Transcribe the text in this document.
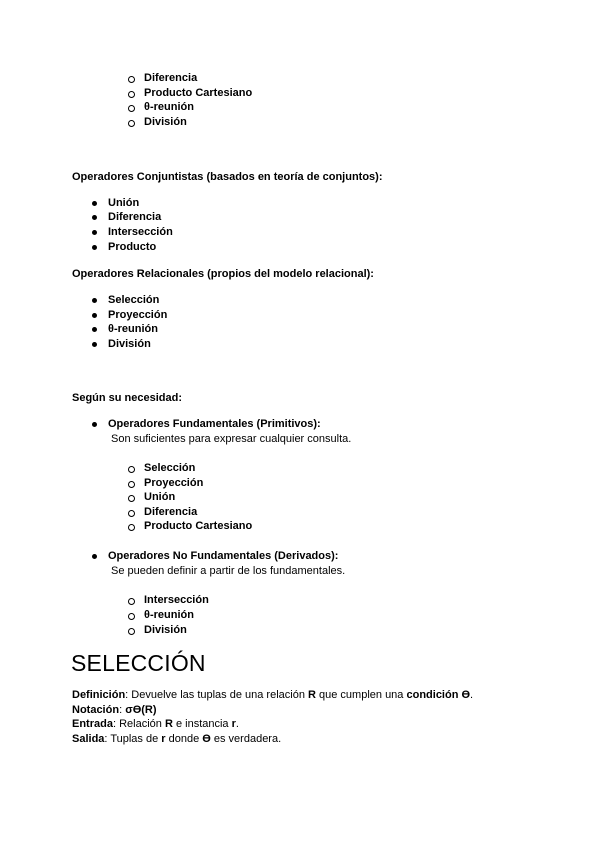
Diferencia
Producto Cartesiano
θ-reunión
División
Operadores Conjuntistas (basados en teoría de conjuntos):
Unión
Diferencia
Intersección
Producto
Operadores Relacionales (propios del modelo relacional):
Selección
Proyección
θ-reunión
División
Según su necesidad:
Operadores Fundamentales (Primitivos):
Son suficientes para expresar cualquier consulta.
Selección
Proyección
Unión
Diferencia
Producto Cartesiano
Operadores No Fundamentales (Derivados):
Se pueden definir a partir de los fundamentales.
Intersección
θ-reunión
División
SELECCIÓN
Definición: Devuelve las tuplas de una relación R que cumplen una condición Ө.
Notación: σӨ(R)
Entrada: Relación R e instancia r.
Salida: Tuplas de r donde Ө es verdadera.
